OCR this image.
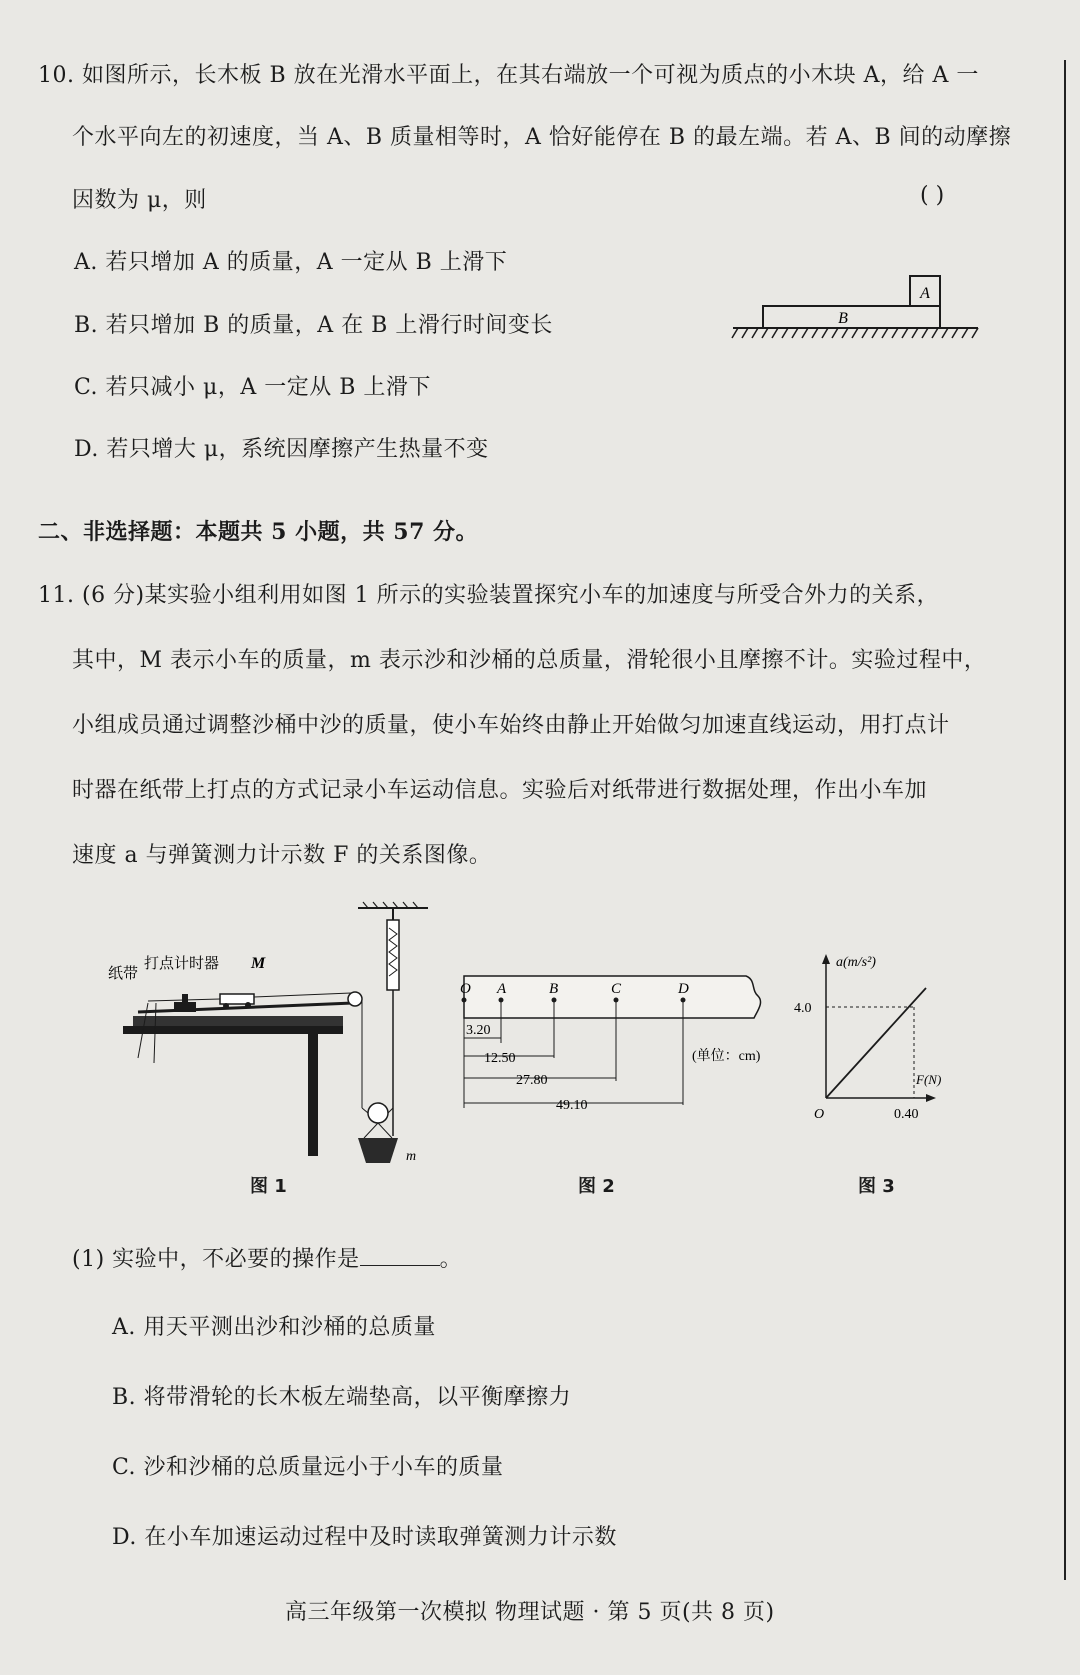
10. 如图所示，长木板 B 放在光滑水平面上，在其右端放一个可视为质点的小木块 A，给 A 一
个水平向左的初速度，当 A、B 质量相等时，A 恰好能停在 B 的最左端。若 A、B 间的动摩擦
因数为 μ，则	( )
A. 若只增加 A 的质量，A 一定从 B 上滑下
B. 若只增加 B 的质量，A 在 B 上滑行时间变长
C. 若只减小 μ，A 一定从 B 上滑下
D. 若只增大 μ，系统因摩擦产生热量不变
A
B
二、非选择题：本题共 5 小题，共 57 分。
11. (6 分)某实验小组利用如图 1 所示的实验装置探究小车的加速度与所受合外力的关系，
其中，M 表示小车的质量，m 表示沙和沙桶的总质量，滑轮很小且摩擦不计。实验过程中，
小组成员通过调整沙桶中沙的质量，使小车始终由静止开始做匀加速直线运动，用打点计
时器在纸带上打点的方式记录小车运动信息。实验后对纸带进行数据处理，作出小车加
速度 a 与弹簧测力计示数 F 的关系图像。
纸带
打点计时器 M
m
图 1
O A	B	C	D
3.20
12.50
27.80
49.10
(单位：cm)
图 2
a(m/s²)
4.0
0.40
O
F(N)
图 3
(1) 实验中，不必要的操作是	。
A. 用天平测出沙和沙桶的总质量
B. 将带滑轮的长木板左端垫高，以平衡摩擦力
C. 沙和沙桶的总质量远小于小车的质量
D. 在小车加速运动过程中及时读取弹簧测力计示数
高三年级第一次模拟 物理试题 · 第 5 页(共 8 页)
